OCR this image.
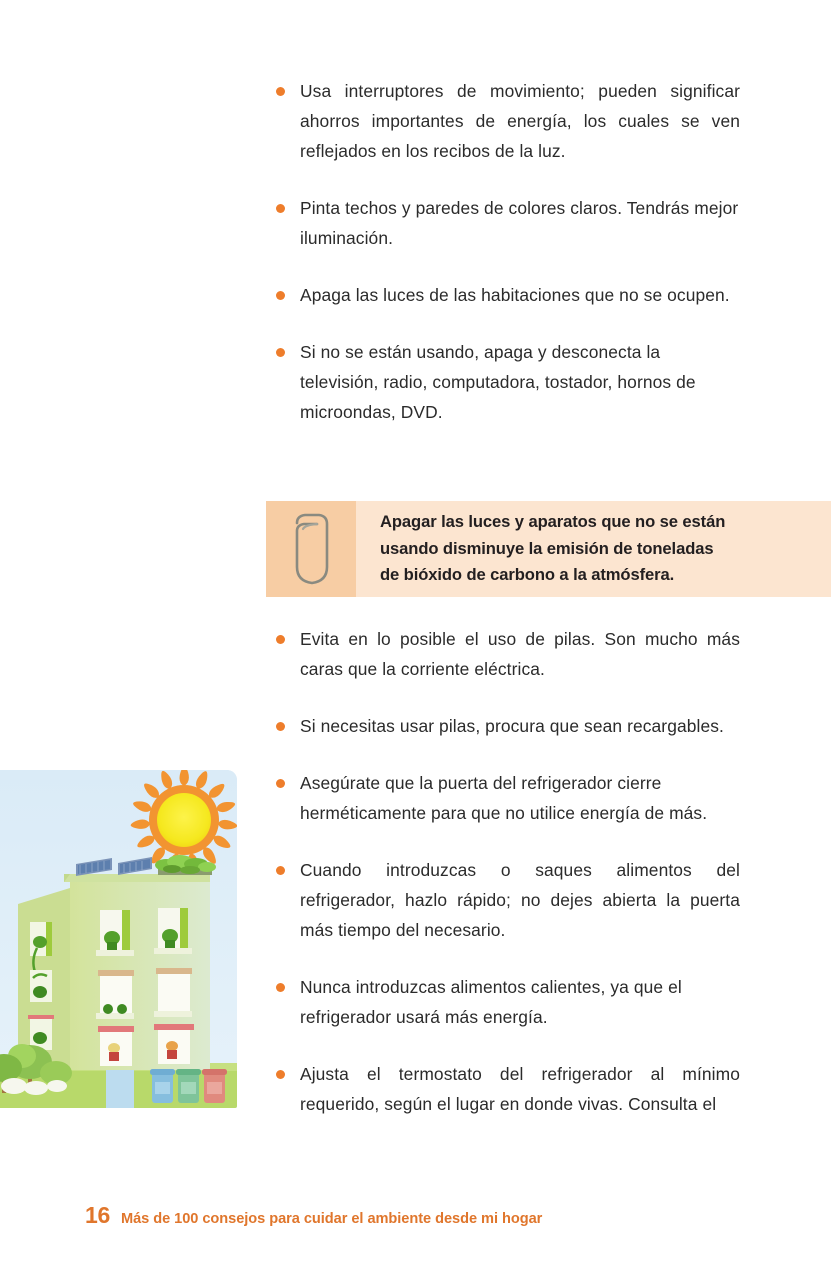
Usa interruptores de movimiento; pueden significar ahorros importantes de energía, los cuales se ven reflejados en los recibos de la luz.
Pinta techos y paredes de colores claros. Tendrás mejor iluminación.
Apaga las luces de las habitaciones que no se ocupen.
Si no se están usando, apaga y desconecta la televisión, radio, computadora, tostador, hornos de microondas, DVD.
Apagar las luces y aparatos que no se están
usando disminuye la emisión de toneladas
de bióxido de carbono a la atmósfera.
Evita en lo posible el uso de pilas. Son mucho más caras que la corriente eléctrica.
Si necesitas usar pilas, procura que sean recargables.
Asegúrate que la puerta del refrigerador cierre herméticamente para que no utilice energía de más.
Cuando introduzcas o saques alimentos del refrigerador, hazlo rápido; no dejes abierta la puerta más tiempo del necesario.
Nunca introduzcas alimentos calientes, ya que el refrigerador usará más energía.
Ajusta el termostato del refrigerador al mínimo requerido, según el lugar en donde vivas. Consulta el
16 Más de 100 consejos para cuidar el ambiente desde mi hogar
